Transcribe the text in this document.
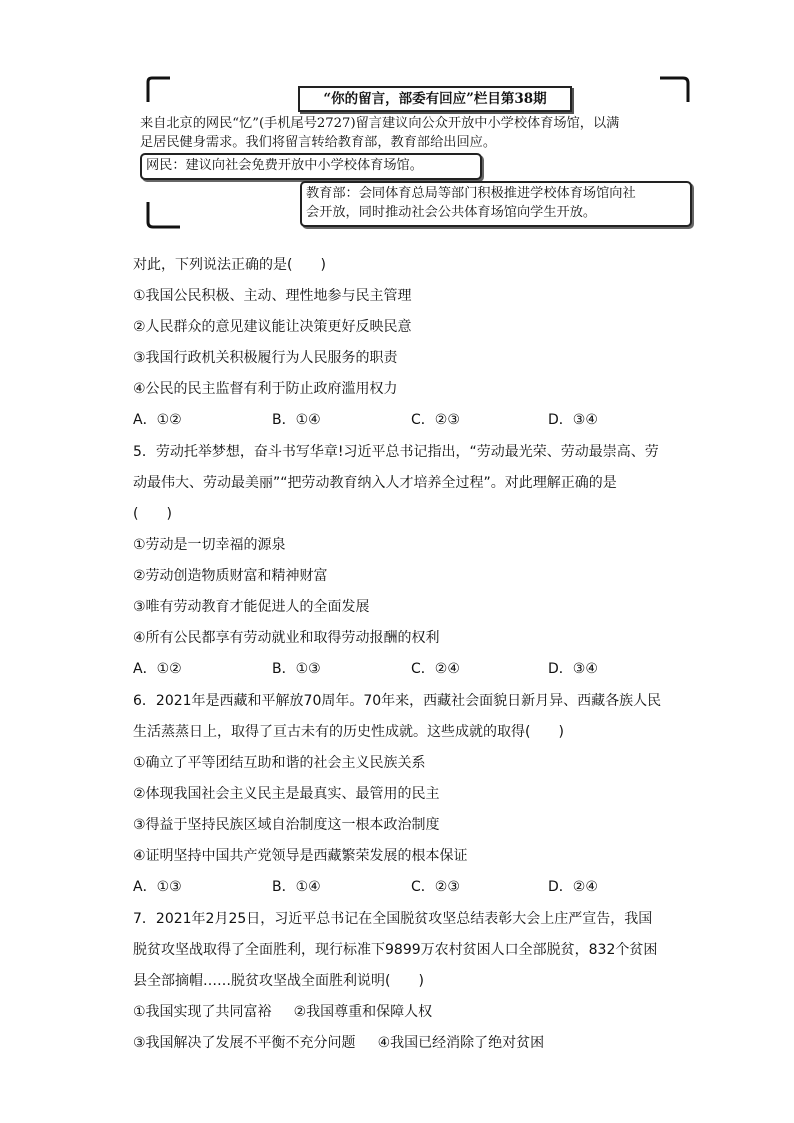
“你的留言，部委有回应”栏目第38期
来自北京的网民“忆”(手机尾号2727)留言建议向公众开放中小学校体育场馆，以满
足居民健身需求。我们将留言转给教育部，教育部给出回应。
网民：建议向社会免费开放中小学校体育场馆。
教育部：会同体育总局等部门积极推进学校体育场馆向社
会开放，同时推动社会公共体育场馆向学生开放。
对此，下列说法正确的是(　　)
①我国公民积极、主动、理性地参与民主管理
②人民群众的意见建议能让决策更好反映民意
③我国行政机关积极履行为人民服务的职责
④公民的民主监督有利于防止政府滥用权力
A．①②	B．①④	C．②③	D．③④
5．劳动托举梦想，奋斗书写华章!习近平总书记指出，“劳动最光荣、劳动最崇高、劳
动最伟大、劳动最美丽”“把劳动教育纳入人才培养全过程”。对此理解正确的是
(　　)
①劳动是一切幸福的源泉
②劳动创造物质财富和精神财富
③唯有劳动教育才能促进人的全面发展
④所有公民都享有劳动就业和取得劳动报酬的权利
A．①②	B．①③	C．②④	D．③④
6．2021年是西藏和平解放70周年。70年来，西藏社会面貌日新月异、西藏各族人民
生活蒸蒸日上，取得了亘古未有的历史性成就。这些成就的取得(　　)
①确立了平等团结互助和谐的社会主义民族关系
②体现我国社会主义民主是最真实、最管用的民主
③得益于坚持民族区域自治制度这一根本政治制度
④证明坚持中国共产党领导是西藏繁荣发展的根本保证
A．①③	B．①④	C．②③	D．②④
7．2021年2月25日，习近平总书记在全国脱贫攻坚总结表彰大会上庄严宣告，我国
脱贫攻坚战取得了全面胜利，现行标准下9899万农村贫困人口全部脱贫，832个贫困
县全部摘帽……脱贫攻坚战全面胜利说明(　　)
①我国实现了共同富裕 ②我国尊重和保障人权
③我国解决了发展不平衡不充分问题 ④我国已经消除了绝对贫困
